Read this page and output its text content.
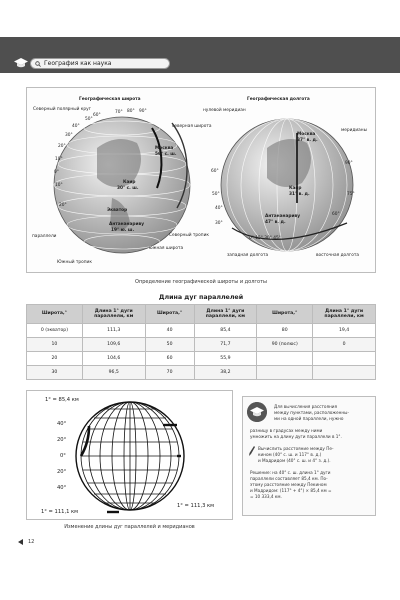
География как наука
Географическая широта	Географическая долгота
Северный полярный круг
северная широта
Москва
56° с. ш.
Каир
30° с. ш.
Экватор
Антананариву
19° ю. ш.
Северный тропик
параллели
южная широта
Южный тропик
90°
80°
70°
60°
50°
40°
30°
20°
10°
0°
10°
20°
нулевой меридиан
меридианы
Москва
37° в. д.
Каир
31° в. д.
Антананариву
47° в. д.
западная долгота	восточная долгота
0° 15° 30° 45°
30°
40°
50°
60°
90°
75°
60°
Определение географической широты и долготы
Длина дуг параллелей
Широта,°	Длина 1° дуги параллели, км	Широта,°	Длина 1° дуги параллели, км	Широта,°	Длина 1° дуги параллели, км
0 (экватор)	111,3	40	85,4	80	19,4
10	109,6	50	71,7	90 (полюс)	0
20	104,6	60	55,9		
30	96,5	70	38,2		
1° = 85,4 км
40°
20°
0°
20°
40°
1° = 111,1 км
1° = 111,3 км
Изменение длины дуг параллелей и меридианов
Для вычисления расстояния
между пунктами, расположенны-
ми на одной параллели, нужно
разницу в градусах между ними
умножить на длину дуги параллели в 1°.
Вычислить расстояние между Пе-
кином (40° с. ш. и 117° в. д.)
и Мадридом (40° с. ш. и 4° з. д.).
Решение: на 40° с. ш. длина 1° дуги
параллели составляет 85,4 км. По-
этому расстояние между Пекином
и Мадридом: (117° + 4°) × 85,4 км =
= 10 333,4 км.
12
